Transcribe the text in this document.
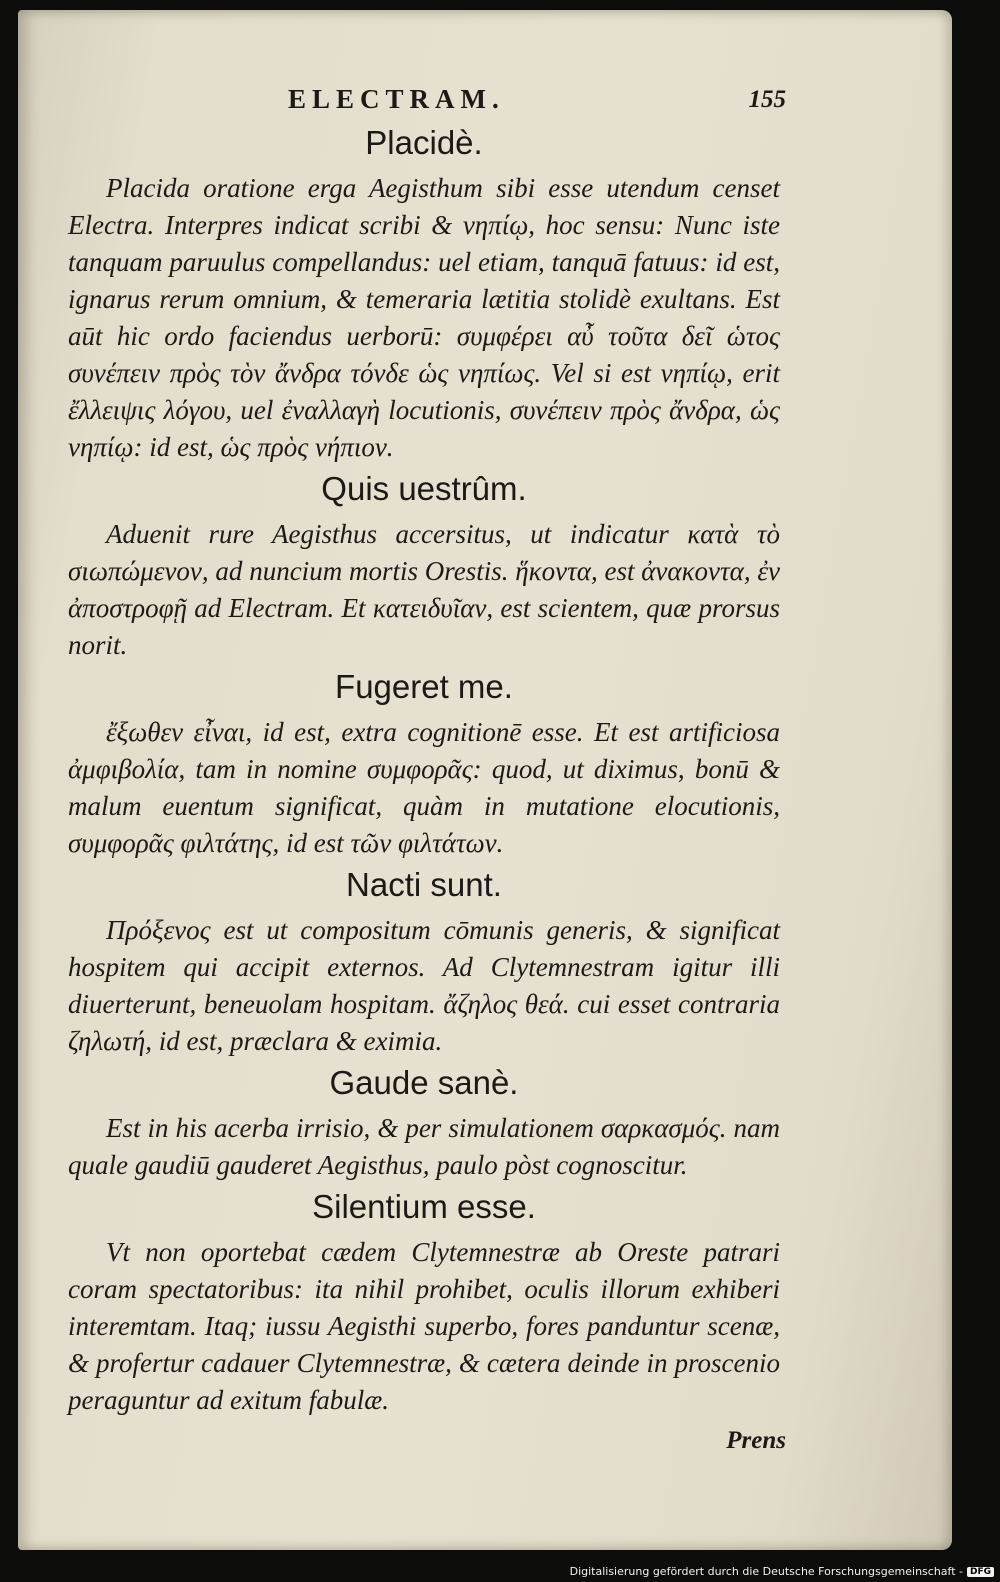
ELECTRAM.	155
Placidè.

Placida oratione erga Aegisthum sibi esse utendum censet Electra. Interpres indicat scribi & νηπίῳ, hoc sensu: Nunc iste tanquam paruulus compellandus: uel etiam, tanquā fatuus: id est, ignarus rerum omnium, & temeraria lætitia stolidè exultans. Est aūt hic ordo faciendus uerborū: συμφέρει αὖ τοῦτα δεῖ ὡτος συνέπειν πρὸς τὸν ἄνδρα τόνδε ὡς νηπίως. Vel si est νηπίῳ, erit ἔλλειψις λόγου, uel ἐναλλαγὴ locutionis, συνέπειν πρὸς ἄνδρα, ὡς νηπίῳ: id est, ὡς πρὸς νήπιον.

Quis uestrûm.

Aduenit rure Aegisthus accersitus, ut indicatur κατὰ τὸ σιωπώμενον, ad nuncium mortis Orestis. ἥκοντα, est ἀνακοντα, ἐν ἀποστροφῇ ad Electram. Et κατειδυῖαν, est scientem, quæ prorsus norit.

Fugeret me.

ἔξωθεν εἶναι, id est, extra cognitionē esse. Et est artificiosa ἀμφιβολία, tam in nomine συμφορᾶς: quod, ut diximus, bonū & malum euentum significat, quàm in mutatione elocutionis, συμφορᾶς φιλτάτης, id est τῶν φιλτάτων.

Nacti sunt.

Πρόξενος est ut compositum cōmunis generis, & significat hospitem qui accipit externos. Ad Clytemnestram igitur illi diuerterunt, beneuolam hospitam. ἄζηλος θεά. cui esset contraria ζηλωτή, id est, præclara & eximia.

Gaude sanè.

Est in his acerba irrisio, & per simulationem σαρκασμός. nam quale gaudiū gauderet Aegisthus, paulo pòst cognoscitur.

Silentium esse.

Vt non oportebat cædem Clytemnestræ ab Oreste patrari coram spectatoribus: ita nihil prohibet, oculis illorum exhiberi interemtam. Itaq; iussu Aegisthi superbo, fores panduntur scenæ, & profertur cadauer Clytemnestræ, & cætera deinde in proscenio peraguntur ad exitum fabulæ.

Prens
Digitalisierung gefördert durch die Deutsche Forschungsgemeinschaft - DFG
